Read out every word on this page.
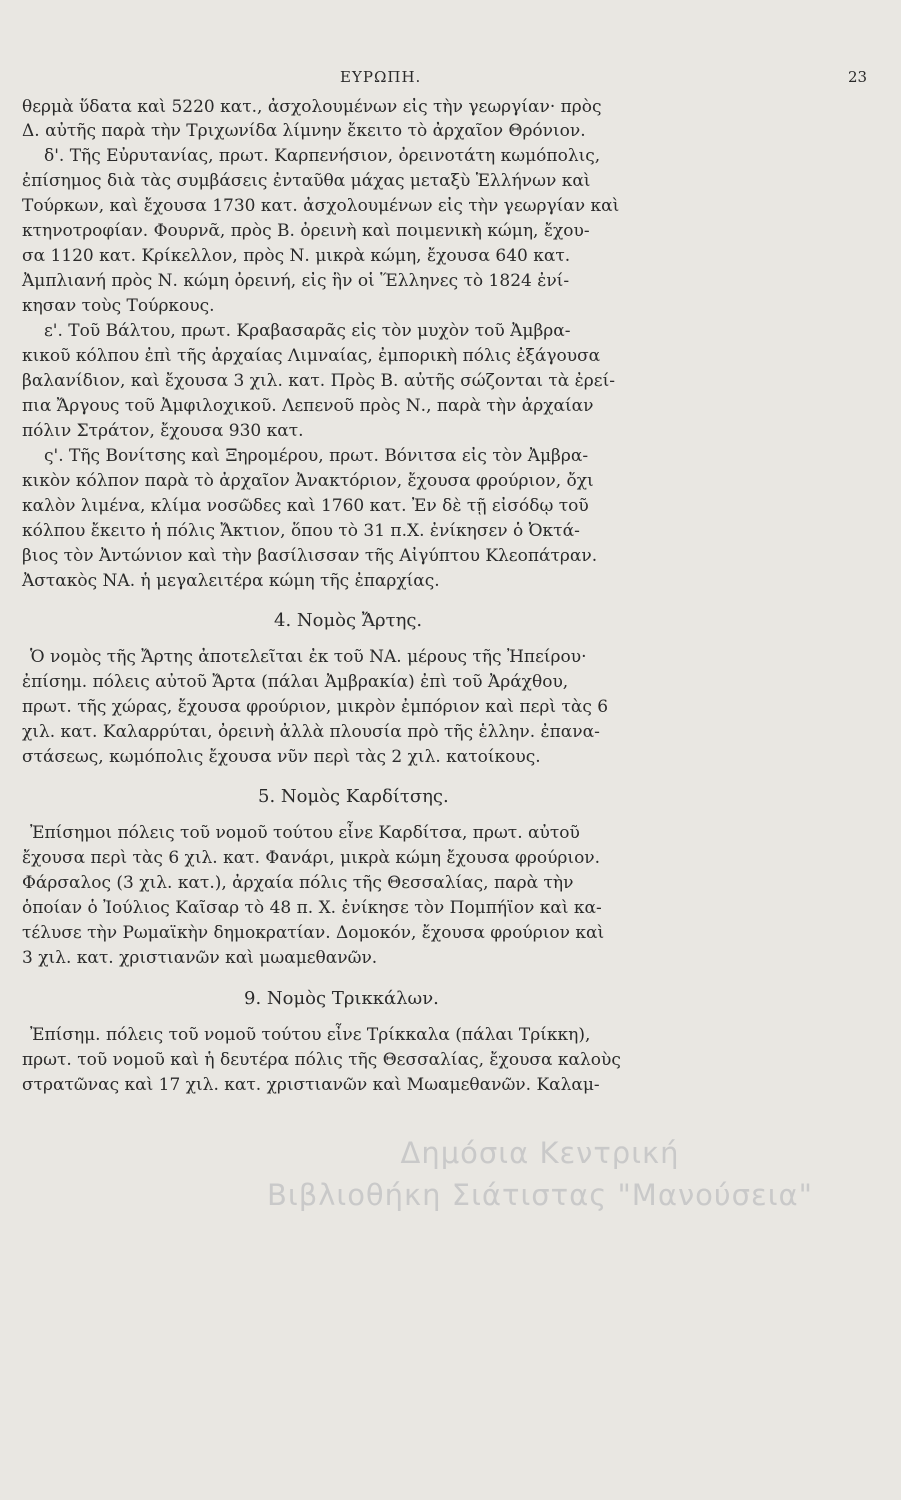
ΕΥΡΩΠΗ.	23
θερμὰ ὕδατα καὶ 5220 κατ., ἀσχολουμένων εἰς τὴν γεωργίαν· πρὸς
Δ. αὐτῆς παρὰ τὴν Τριχωνίδα λίμνην ἔκειτο τὸ ἀρχαῖον Θρόνιον.
δ'. Τῆς Εὐρυτανίας, πρωτ. Καρπενήσιον, ὀρεινοτάτη κωμόπολις,
ἐπίσημος διὰ τὰς συμβάσεις ἐνταῦθα μάχας μεταξὺ Ἑλλήνων καὶ
Τούρκων, καὶ ἔχουσα 1730 κατ. ἀσχολουμένων εἰς τὴν γεωργίαν καὶ
κτηνοτροφίαν. Φουρνᾶ, πρὸς Β. ὀρεινὴ καὶ ποιμενικὴ κώμη, ἔχου-
σα 1120 κατ. Κρίκελλον, πρὸς Ν. μικρὰ κώμη, ἔχουσα 640 κατ.
Ἀμπλιανή πρὸς Ν. κώμη ὀρεινή, εἰς ἣν οἱ Ἕλληνες τὸ 1824 ἐνί-
κησαν τοὺς Τούρκους.
ε'. Τοῦ Βάλτου, πρωτ. Κραβασαρᾶς εἰς τὸν μυχὸν τοῦ Ἀμβρα-
κικοῦ κόλπου ἐπὶ τῆς ἀρχαίας Λιμναίας, ἐμπορικὴ πόλις ἐξάγουσα
βαλανίδιον, καὶ ἔχουσα 3 χιλ. κατ. Πρὸς Β. αὐτῆς σώζονται τὰ ἐρεί-
πια Ἄργους τοῦ Ἀμφιλοχικοῦ. Λεπενοῦ πρὸς Ν., παρὰ τὴν ἀρχαίαν
πόλιν Στράτον, ἔχουσα 930 κατ.
ς'. Τῆς Βονίτσης καὶ Ξηρομέρου, πρωτ. Βόνιτσα εἰς τὸν Ἀμβρα-
κικὸν κόλπον παρὰ τὸ ἀρχαῖον Ἀνακτόριον, ἔχουσα φρούριον, ὄχι
καλὸν λιμένα, κλίμα νοσῶδες καὶ 1760 κατ. Ἐν δὲ τῇ εἰσόδῳ τοῦ
κόλπου ἔκειτο ἡ πόλις Ἄκτιον, ὅπου τὸ 31 π.Χ. ἐνίκησεν ὁ Ὀκτά-
βιος τὸν Ἀντώνιον καὶ τὴν βασίλισσαν τῆς Αἰγύπτου Κλεοπάτραν.
Ἀστακὸς ΝΑ. ἡ μεγαλειτέρα κώμη τῆς ἐπαρχίας.
4. Νομὸς Ἄρτης.
Ὁ νομὸς τῆς Ἄρτης ἀποτελεῖται ἐκ τοῦ ΝΑ. μέρους τῆς Ἠπείρου·
ἐπίσημ. πόλεις αὐτοῦ Ἄρτα (πάλαι Ἀμβρακία) ἐπὶ τοῦ Ἀράχθου,
πρωτ. τῆς χώρας, ἔχουσα φρούριον, μικρὸν ἐμπόριον καὶ περὶ τὰς 6
χιλ. κατ. Καλαρρύται, ὀρεινὴ ἀλλὰ πλουσία πρὸ τῆς ἑλλην. ἐπανα-
στάσεως, κωμόπολις ἔχουσα νῦν περὶ τὰς 2 χιλ. κατοίκους.
5. Νομὸς Καρδίτσης.
Ἐπίσημοι πόλεις τοῦ νομοῦ τούτου εἶνε Καρδίτσα, πρωτ. αὐτοῦ
ἔχουσα περὶ τὰς 6 χιλ. κατ. Φανάρι, μικρὰ κώμη ἔχουσα φρούριον.
Φάρσαλος (3 χιλ. κατ.), ἀρχαία πόλις τῆς Θεσσαλίας, παρὰ τὴν
ὁποίαν ὁ Ἰούλιος Καῖσαρ τὸ 48 π. Χ. ἐνίκησε τὸν Πομπήϊον καὶ κα-
τέλυσε τὴν Ρωμαϊκὴν δημοκρατίαν. Δομοκόν, ἔχουσα φρούριον καὶ
3 χιλ. κατ. χριστιανῶν καὶ μωαμεθανῶν.
9. Νομὸς Τρικκάλων.
Ἐπίσημ. πόλεις τοῦ νομοῦ τούτου εἶνε Τρίκκαλα (πάλαι Τρίκκη),
πρωτ. τοῦ νομοῦ καὶ ἡ δευτέρα πόλις τῆς Θεσσαλίας, ἔχουσα καλοὺς
στρατῶνας καὶ 17 χιλ. κατ. χριστιανῶν καὶ Μωαμεθανῶν. Καλαμ-
Δημόσια Κεντρική
Βιβλιοθήκη Σιάτιστας "Μανούσεια"
